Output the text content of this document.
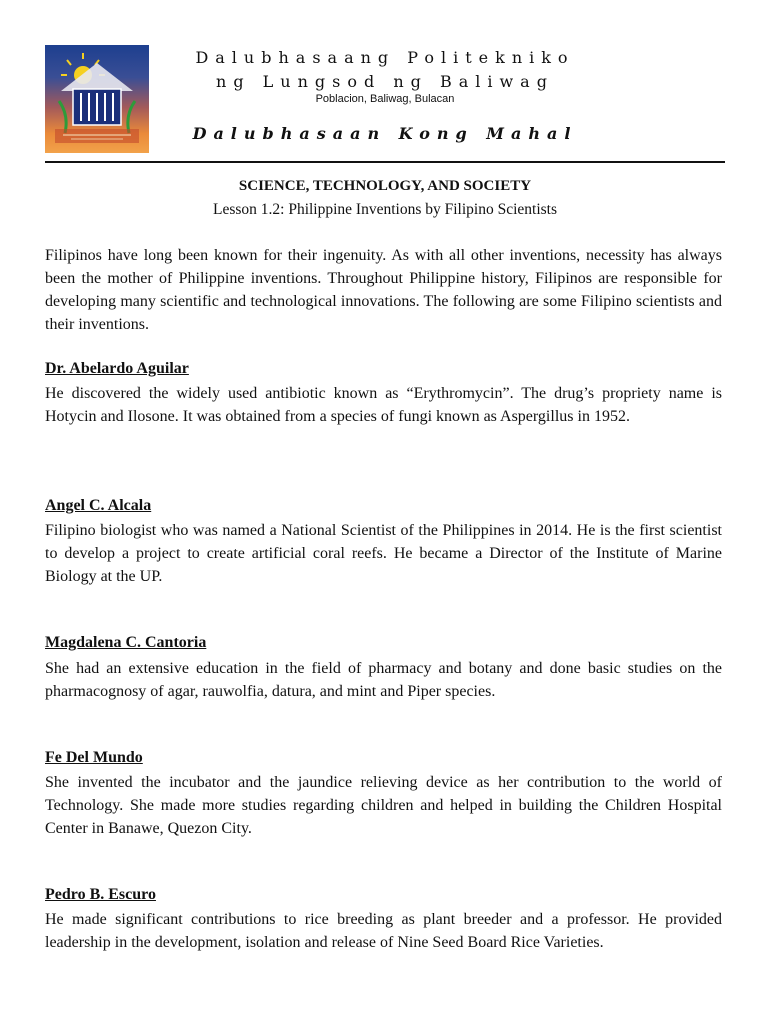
Dalubhasaang Politekniko
ng Lungsod ng Baliwag
Poblacion, Baliwag, Bulacan
Dalubhasaan Kong Mahal
SCIENCE, TECHNOLOGY, AND SOCIETY
Lesson 1.2: Philippine Inventions by Filipino Scientists

Filipinos have long been known for their ingenuity. As with all other inventions, necessity has always been the mother of Philippine inventions. Throughout Philippine history, Filipinos are responsible for developing many scientific and technological innovations. The following are some Filipino scientists and their inventions.

Dr. Abelardo Aguilar

He discovered the widely used antibiotic known as “Erythromycin”. The drug’s propriety name is Hotycin and Ilosone. It was obtained from a species of fungi known as Aspergillus in 1952.

Angel C. Alcala

Filipino biologist who was named a National Scientist of the Philippines in 2014. He is the first scientist to develop a project to create artificial coral reefs. He became a Director of the Institute of Marine Biology at the UP.

Magdalena C. Cantoria

She had an extensive education in the field of pharmacy and botany and done basic studies on the pharmacognosy of agar, rauwolfia, datura, and mint and Piper species.

Fe Del Mundo

She invented the incubator and the jaundice relieving device as her contribution to the world of Technology. She made more studies regarding children and helped in building the Children Hospital Center in Banawe, Quezon City.

Pedro B. Escuro

He made significant contributions to rice breeding as plant breeder and a professor. He provided leadership in the development, isolation and release of Nine Seed Board Rice Varieties.
